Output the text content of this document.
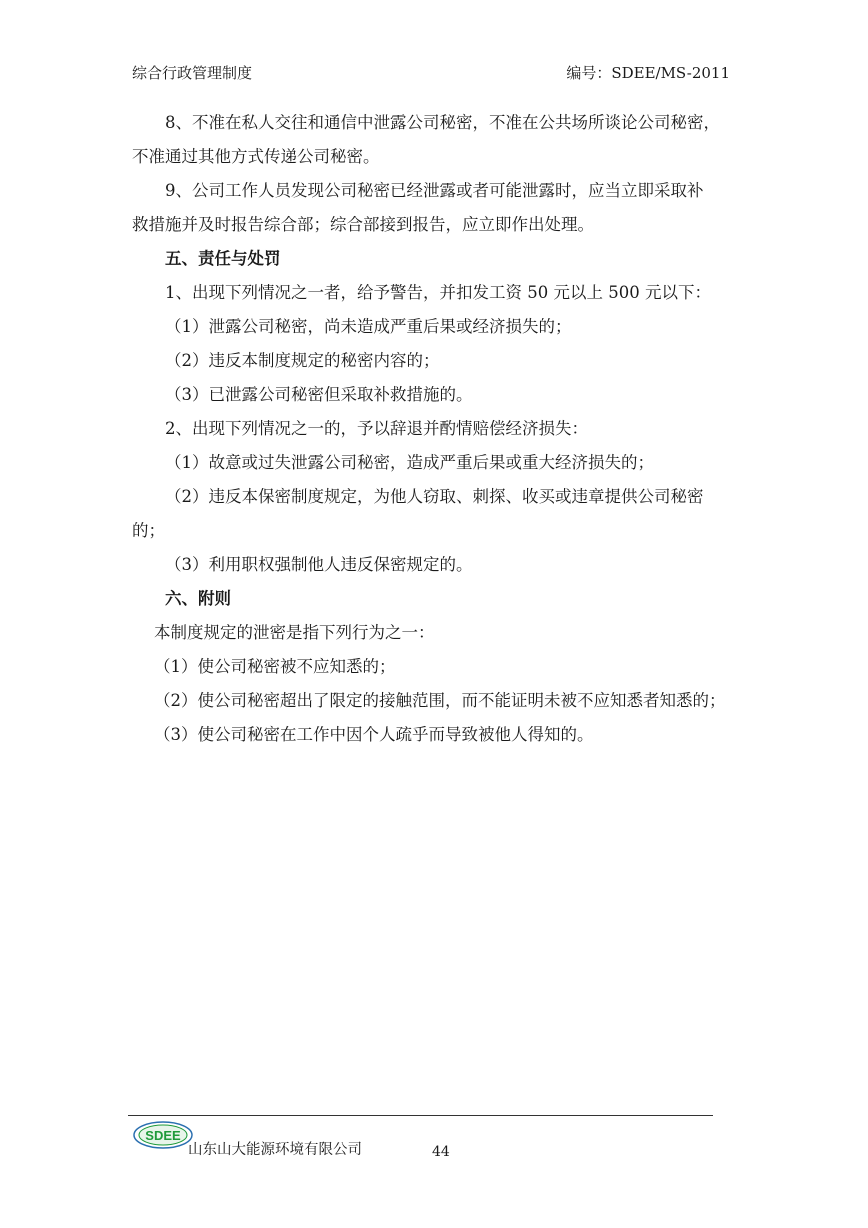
综合行政管理制度	编号：SDEE/MS-2011

8、不准在私人交往和通信中泄露公司秘密，不准在公共场所谈论公司秘密，

不准通过其他方式传递公司秘密。

9、公司工作人员发现公司秘密已经泄露或者可能泄露时，应当立即采取补

救措施并及时报告综合部；综合部接到报告，应立即作出处理。

五、责任与处罚

1、出现下列情况之一者，给予警告，并扣发工资 50 元以上 500 元以下：

（1）泄露公司秘密，尚未造成严重后果或经济损失的；

（2）违反本制度规定的秘密内容的；

（3）已泄露公司秘密但采取补救措施的。

2、出现下列情况之一的，予以辞退并酌情赔偿经济损失：

（1）故意或过失泄露公司秘密，造成严重后果或重大经济损失的；

（2）违反本保密制度规定，为他人窃取、刺探、收买或违章提供公司秘密

的；

（3）利用职权强制他人违反保密规定的。

六、附则

本制度规定的泄密是指下列行为之一：

（1）使公司秘密被不应知悉的；

（2）使公司秘密超出了限定的接触范围，而不能证明未被不应知悉者知悉的；

（3）使公司秘密在工作中因个人疏乎而导致被他人得知的。

SDEE
山东山大能源环境有限公司	44
